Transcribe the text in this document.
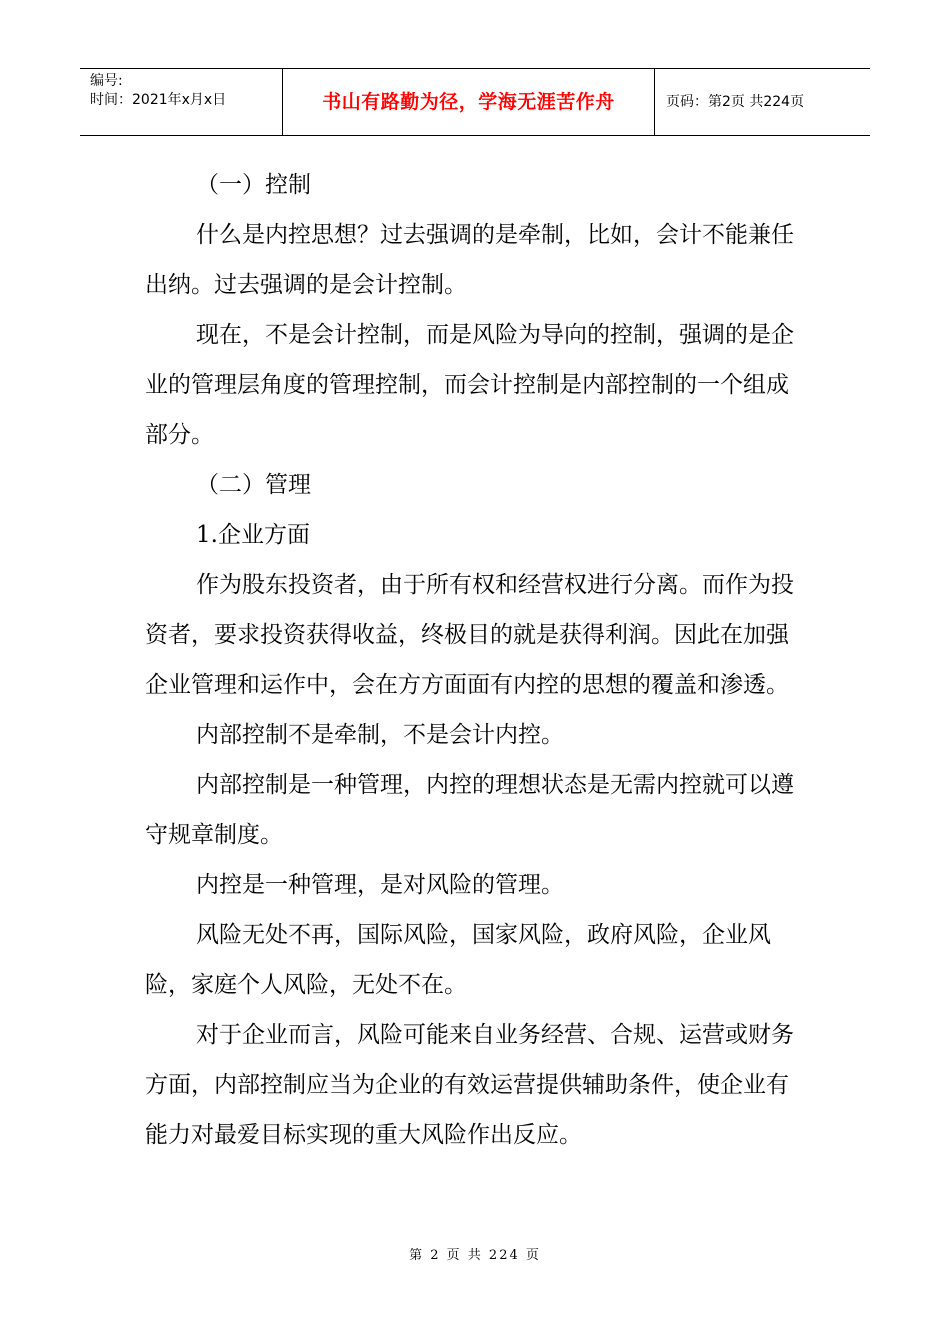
编号:
时间：2021年x月x日	书山有路勤为径，学海无涯苦作舟	页码：第2页 共224页

（一）控制

什么是内控思想？过去强调的是牵制，比如，会计不能兼任出纳。过去强调的是会计控制。

现在，不是会计控制，而是风险为导向的控制，强调的是企业的管理层角度的管理控制，而会计控制是内部控制的一个组成部分。

（二）管理

1.企业方面

作为股东投资者，由于所有权和经营权进行分离。而作为投资者，要求投资获得收益，终极目的就是获得利润。因此在加强企业管理和运作中，会在方方面面有内控的思想的覆盖和渗透。

内部控制不是牵制，不是会计内控。

内部控制是一种管理，内控的理想状态是无需内控就可以遵守规章制度。

内控是一种管理，是对风险的管理。

风险无处不再，国际风险，国家风险，政府风险，企业风险，家庭个人风险，无处不在。

对于企业而言，风险可能来自业务经营、合规、运营或财务方面，内部控制应当为企业的有效运营提供辅助条件，使企业有能力对最爱目标实现的重大风险作出反应。

第 2 页 共 224 页
